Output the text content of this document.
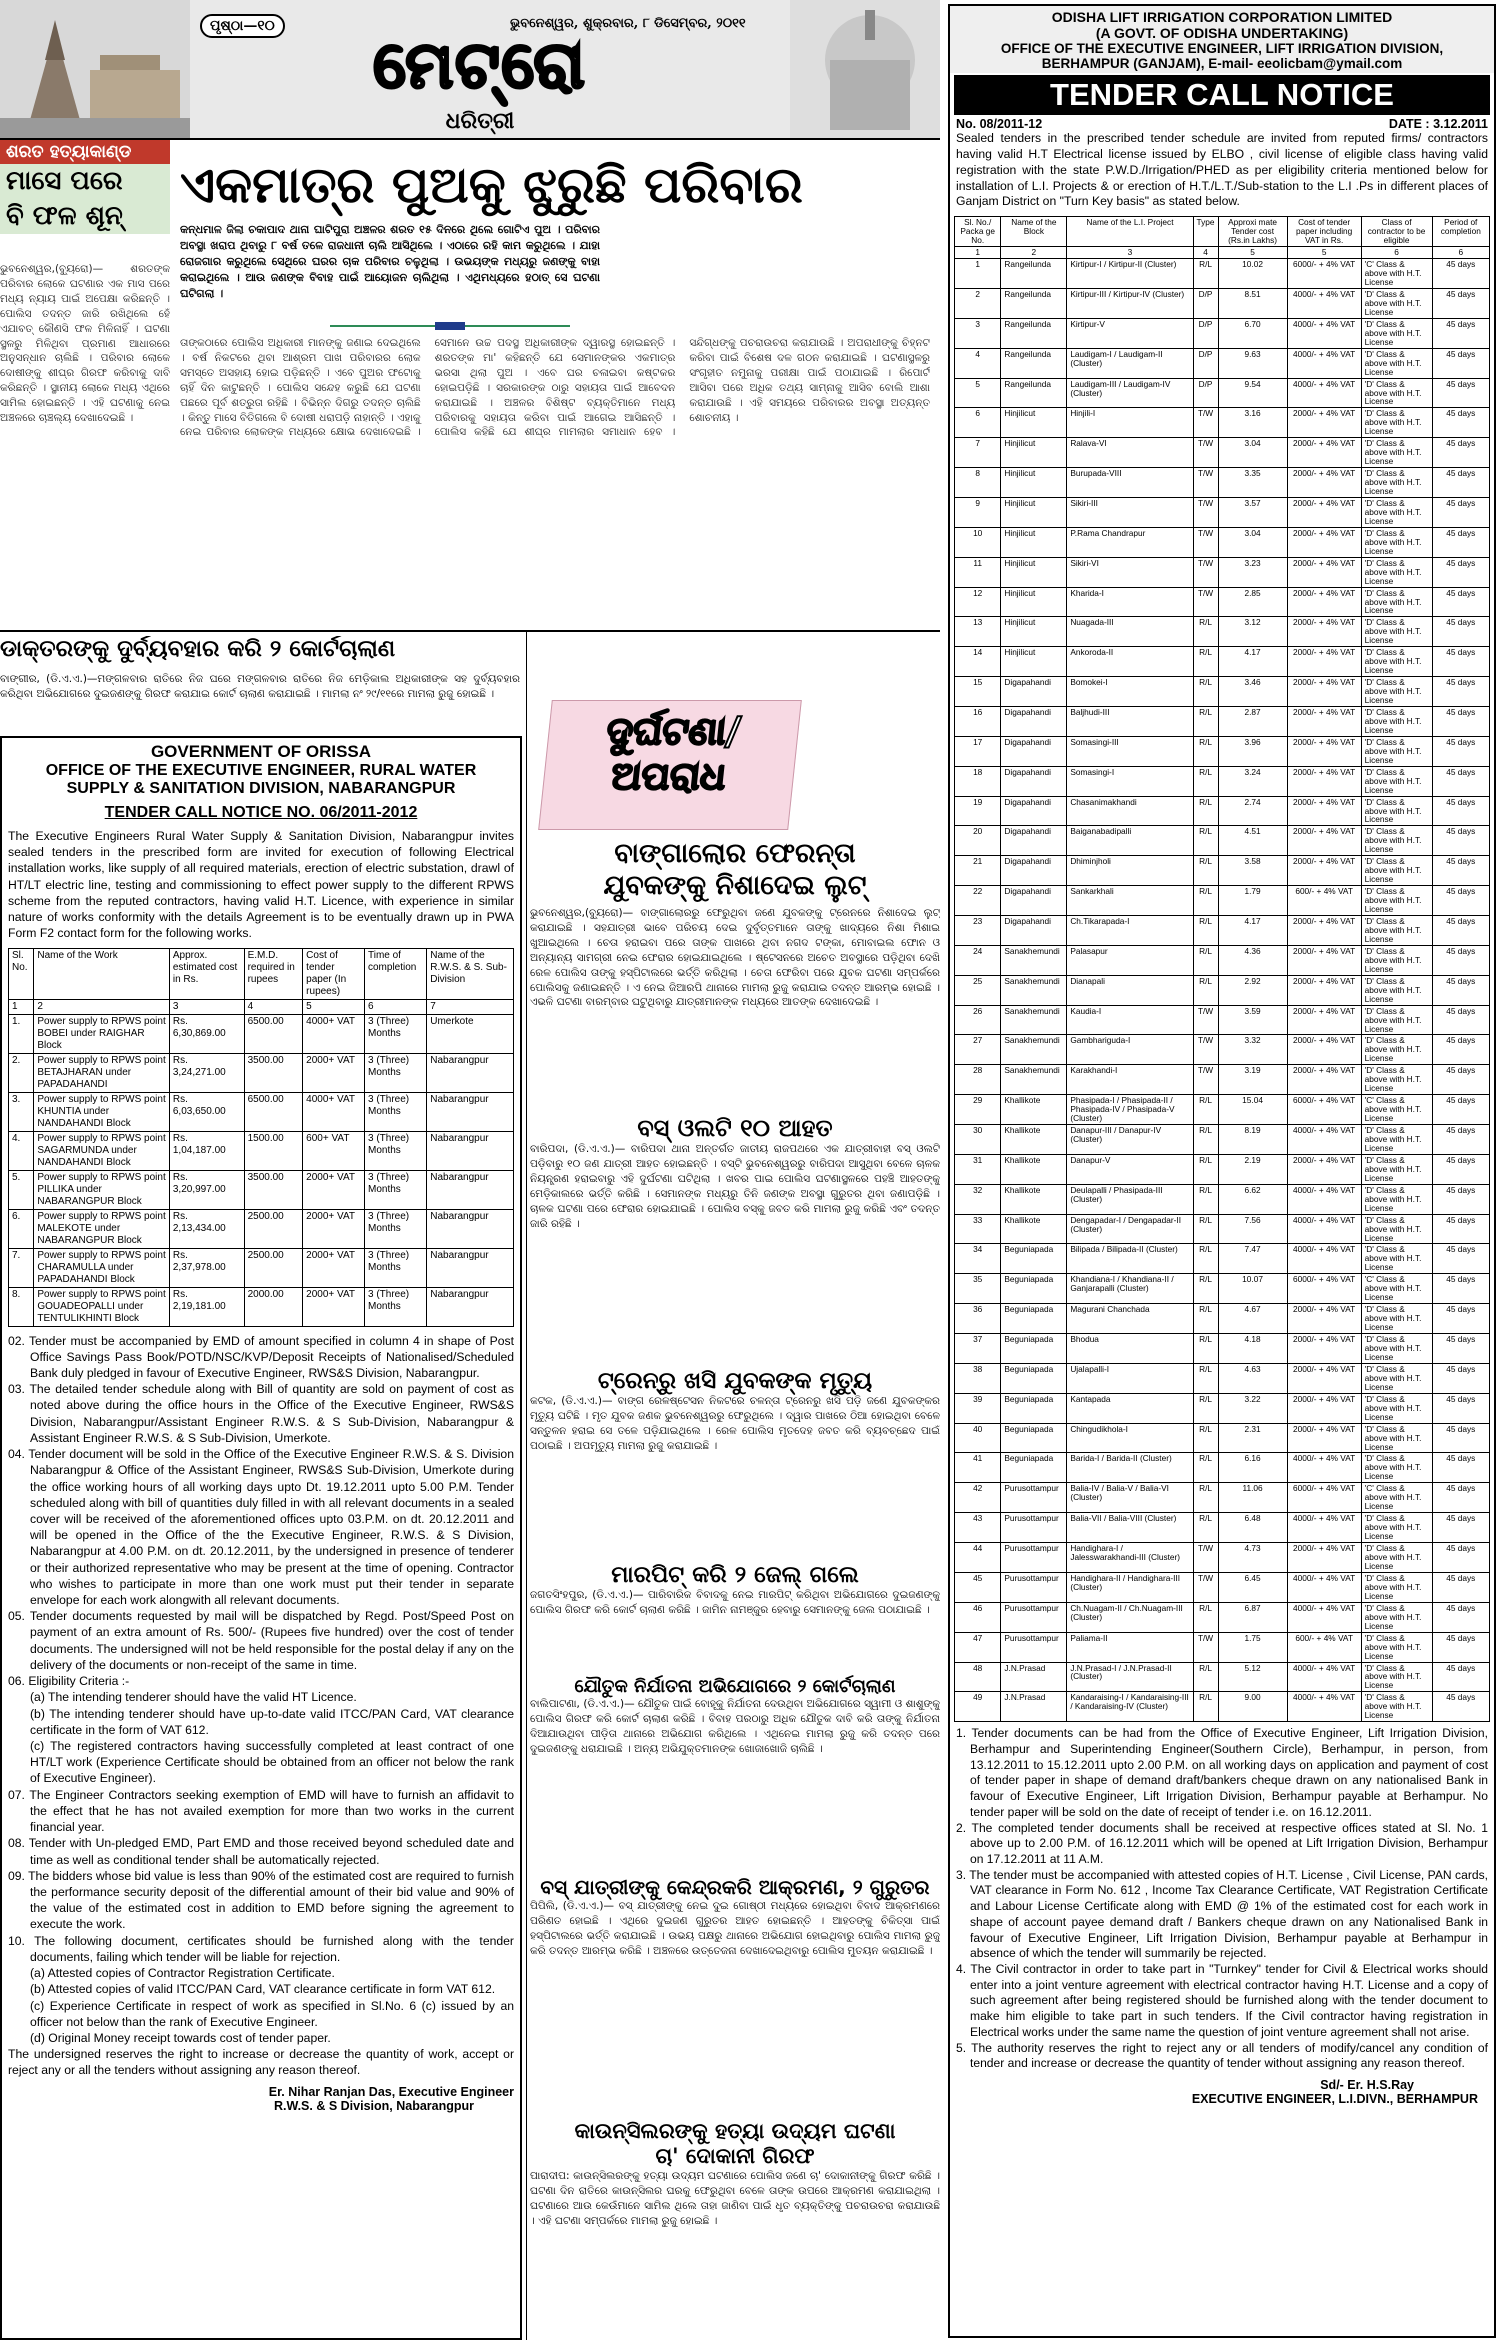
ପୃଷ୍ଠା—୧୦	ଭୁବନେଶ୍ୱର, ଶୁକ୍ରବାର, ୮ ଡିସେମ୍ବର, ୨୦୧୧
ମେଟ୍ରୋ
ଧରିତ୍ରୀ
ଶରତ ହତ୍ୟାକାଣ୍ଡ
ମାସେ ପରେ
ବି ଫଳ ଶୂନ୍‌
ଏକମାତ୍ର ପୁଅକୁ ଝୁରୁଛି ପରିବାର
କନ୍ଧମାଳ ଜିଲା ଚକାପାଦ ଥାନା ଘାଟିପୁରା ଅଞ୍ଚଳର ଶରତ ୧୫ ଦିନରେ ଥିଲେ ଗୋଟିଏ ପୁଅ । ପରିବାର ଅବସ୍ଥା ଖରାପ ଥିବାରୁ ୮ ବର୍ଷ ତଳେ ରାଜଧାନୀ ଚାଲି ଆସିଥିଲେ । ଏଠାରେ ରହି କାମ କରୁଥିଲେ । ଯାହା ରୋଜଗାର କରୁଥିଲେ ସେଥିରେ ଘରର ଚାକ ପରିବାର ଚଳୁଥିଲା । ଉଭୟଙ୍କ ମଧ୍ୟରୁ ଜଣଙ୍କୁ ବାହା କରାଇଥିଲେ । ଆଉ ଜଣଙ୍କ ବିବାହ ପାଇଁ ଆୟୋଜନ ଚାଲିଥିଲା । ଏଥିମଧ୍ୟରେ ହଠାତ୍ ସେ ଘଟଣା ଘଟିଗଲା ।
ଭୁବନେଶ୍ୱର,(ବ୍ୟୁରୋ)— ଶରତଙ୍କ ପରିବାର ଲୋକେ ଘଟଣାର ଏକ ମାସ ପରେ ମଧ୍ୟ ନ୍ୟାୟ ପାଇଁ ଅପେକ୍ଷା କରିଛନ୍ତି । ପୋଲିସ ତଦନ୍ତ ଜାରି ରଖିଥିଲେ ହେଁ ଏଯାବତ୍ କୌଣସି ଫଳ ମିଳିନାହିଁ । ଘଟଣା ସ୍ଥଳରୁ ମିଳିଥିବା ପ୍ରମାଣ ଆଧାରରେ ଅନୁସନ୍ଧାନ ଚାଲିଛି । ପରିବାର ଲୋକେ ଦୋଷୀଙ୍କୁ ଶୀଘ୍ର ଗିରଫ କରିବାକୁ ଦାବି କରିଛନ୍ତି । ସ୍ଥାନୀୟ ଲୋକେ ମଧ୍ୟ ଏଥିରେ ସାମିଲ ହୋଇଛନ୍ତି । ଏହି ଘଟଣାକୁ ନେଇ ଅଞ୍ଚଳରେ ଚାଞ୍ଚଲ୍ୟ ଦେଖାଦେଇଛି ।
ତାଙ୍କଠାରେ ପୋଲିସ ଅଧିକାରୀ ମାନଙ୍କୁ ଜଣାଇ ଦେଇଥିଲେ । ବର୍ଷ ନିକଟରେ ଥିବା ଆଶ୍ରମ ପାଖ ପରିବାରର ଲୋକ ସମସ୍ତେ ଅସହାୟ ହୋଇ ପଡ଼ିଛନ୍ତି । ଏବେ ପୁଅର ଫଟୋକୁ ଚାହିଁ ଦିନ କାଟୁଛନ୍ତି । ପୋଲିସ ସନ୍ଦେହ କରୁଛି ଯେ ଘଟଣା ପଛରେ ପୂର୍ବ ଶତ୍ରୁତା ରହିଛି । ବିଭିନ୍ନ ଦିଗରୁ ତଦନ୍ତ ଚାଲିଛି । କିନ୍ତୁ ମାସେ ବିତିଗଲେ ବି ଦୋଷୀ ଧରାପଡ଼ି ନାହାନ୍ତି । ଏହାକୁ ନେଇ ପରିବାର ଲୋକଙ୍କ ମଧ୍ୟରେ କ୍ଷୋଭ ଦେଖାଦେଇଛି । ସେମାନେ ଉଚ୍ଚ ପଦସ୍ଥ ଅଧିକାରୀଙ୍କ ଦ୍ୱାରସ୍ଥ ହୋଇଛନ୍ତି । ଶରତଙ୍କ ମା' କହିଛନ୍ତି ଯେ ସେମାନଙ୍କର ଏକମାତ୍ର ଭରସା ଥିଲା ପୁଅ । ଏବେ ଘର ଚଳାଇବା କଷ୍ଟକର ହୋଇପଡ଼ିଛି । ସରକାରଙ୍କ ଠାରୁ ସହାୟତା ପାଇଁ ଆବେଦନ କରାଯାଇଛି । ଅଞ୍ଚଳର ବିଶିଷ୍ଟ ବ୍ୟକ୍ତିମାନେ ମଧ୍ୟ ପରିବାରକୁ ସହାୟତା କରିବା ପାଇଁ ଆଗେଇ ଆସିଛନ୍ତି । ପୋଲିସ କହିଛି ଯେ ଶୀଘ୍ର ମାମଲାର ସମାଧାନ ହେବ । ସନ୍ଦିଗ୍ଧଙ୍କୁ ପଚରାଉଚରା କରାଯାଉଛି । ଅପରାଧୀଙ୍କୁ ଚିହ୍ନଟ କରିବା ପାଇଁ ବିଶେଷ ଦଳ ଗଠନ କରାଯାଇଛି । ଘଟଣାସ୍ଥଳରୁ ସଂଗୃହୀତ ନମୁନାକୁ ପରୀକ୍ଷା ପାଇଁ ପଠାଯାଇଛି । ରିପୋର୍ଟ ଆସିବା ପରେ ଅଧିକ ତଥ୍ୟ ସାମ୍ନାକୁ ଆସିବ ବୋଲି ଆଶା କରାଯାଉଛି । ଏହି ସମୟରେ ପରିବାରର ଅବସ୍ଥା ଅତ୍ୟନ୍ତ ଶୋଚନୀୟ ।
ଡାକ୍ତରଙ୍କୁ ଦୁର୍ବ୍ୟବହାର କରି ୨ କୋର୍ଟଚାଲାଣ
ବାଙ୍ଗୀର, (ଡି.ଏ.ଏ.)—ମଙ୍ଗଳବାର ରାତିରେ ନିଜ ଘରେ ମଙ୍ଗଳବାର ରାତିରେ ନିଜ ମେଡ଼ିକାଲ ଅଧିକାରୀଙ୍କ ସହ ଦୁର୍ବ୍ୟବହାର କରିଥିବା ଅଭିଯୋଗରେ ଦୁଇଜଣଙ୍କୁ ଗିରଫ କରାଯାଇ କୋର୍ଟ ଚାଲାଣ କରାଯାଇଛି । ମାମଲା ନଂ ୨୯/୧୧ରେ ମାମଲା ରୁଜୁ ହୋଇଛି ।
GOVERNMENT OF ORISSA
OFFICE OF THE EXECUTIVE ENGINEER, RURAL WATER
SUPPLY & SANITATION DIVISION, NABARANGPUR
TENDER CALL NOTICE NO. 06/2011-2012
The Executive Engineers Rural Water Supply & Sanitation Division, Nabarangpur invites sealed tenders in the prescribed form are invited for execution of following Electrical installation works, like supply of all required materials, erection of electric substation, drawl of HT/LT electric line, testing and commissioning to effect power supply to the different RPWS scheme from the reputed contractors, having valid H.T. Licence, with experience in similar nature of works conformity with the details Agreement is to be eventually drawn up in PWA Form F2 contact form for the following works.
Sl. No.	Name of the Work	Approx. estimated cost in Rs.	E.M.D. required in rupees	Cost of tender paper (In rupees)	Time of completion	Name of the R.W.S. & S. Sub-Division
1	2	3	4	5	6	7
1.	Power supply to RPWS point BOBEI under RAIGHAR Block	Rs. 6,30,869.00	6500.00	4000+ VAT	3 (Three) Months	Umerkote
2.	Power supply to RPWS point BETAJHARAN under PAPADAHANDI	Rs. 3,24,271.00	3500.00	2000+ VAT	3 (Three) Months	Nabarangpur
3.	Power supply to RPWS point KHUNTIA under NANDAHANDI Block	Rs. 6,03,650.00	6500.00	4000+ VAT	3 (Three) Months	Nabarangpur
4.	Power supply to RPWS point SAGARMUNDA under NANDAHANDI Block	Rs. 1,04,187.00	1500.00	600+ VAT	3 (Three) Months	Nabarangpur
5.	Power supply to RPWS point PILLIKA under NABARANGPUR Block	Rs. 3,20,997.00	3500.00	2000+ VAT	3 (Three) Months	Nabarangpur
6.	Power supply to RPWS point MALEKOTE under NABARANGPUR Block	Rs. 2,13,434.00	2500.00	2000+ VAT	3 (Three) Months	Nabarangpur
7.	Power supply to RPWS point CHARAMULLA under PAPADAHANDI Block	Rs. 2,37,978.00	2500.00	2000+ VAT	3 (Three) Months	Nabarangpur
8.	Power supply to RPWS point GOUADEOPALLI under TENTULIKHINTI Block	Rs. 2,19,181.00	2000.00	2000+ VAT	3 (Three) Months	Nabarangpur
02. Tender must be accompanied by EMD of amount specified in column 4 in shape of Post Office Savings Pass Book/POTD/NSC/KVP/Deposit Receipts of Nationalised/Scheduled Bank duly pledged in favour of Executive Engineer, RWS&S Division, Nabarangpur.
03. The detailed tender schedule along with Bill of quantity are sold on payment of cost as noted above during the office hours in the Office of the Executive Engineer, RWS&S Division, Nabarangpur/Assistant Engineer R.W.S. & S Sub-Division, Nabarangpur & Assistant Engineer R.W.S. & S Sub-Division, Umerkote.
04. Tender document will be sold in the Office of the Executive Engineer R.W.S. & S. Division Nabarangpur & Office of the Assistant Engineer, RWS&S Sub-Division, Umerkote during the office working hours of all working days upto Dt. 19.12.2011 upto 5.00 P.M. Tender scheduled along with bill of quantities duly filled in with all relevant documents in a sealed cover will be received of the aforementioned offices upto 03.P.M. on dt. 20.12.2011 and will be opened in the Office of the the Executive Engineer, R.W.S. & S Division, Nabarangpur at 4.00 P.M. on dt. 20.12.2011, by the undersigned in presence of tenderer or their authorized representative who may be present at the time of opening. Contractor who wishes to participate in more than one work must put their tender in separate envelope for each work alongwith all relevant documents.
05. Tender documents requested by mail will be dispatched by Regd. Post/Speed Post on payment of an extra amount of Rs. 500/- (Rupees five hundred) over the cost of tender documents. The undersigned will not be held responsible for the postal delay if any on the delivery of the documents or non-receipt of the same in time.
06. Eligibility Criteria :-
(a) The intending tenderer should have the valid HT Licence.
(b) The intending tenderer should have up-to-date valid ITCC/PAN Card, VAT clearance certificate in the form of VAT 612.
(c) The registered contractors having successfully completed at least contract of one HT/LT work (Experience Certificate should be obtained from an officer not below the rank of Executive Engineer).
07. The Engineer Contractors seeking exemption of EMD will have to furnish an affidavit to the effect that he has not availed exemption for more than two works in the current financial year.
08. Tender with Un-pledged EMD, Part EMD and those received beyond scheduled date and time as well as conditional tender shall be automatically rejected.
09. The bidders whose bid value is less than 90% of the estimated cost are required to furnish the performance security deposit of the differential amount of their bid value and 90% of the value of the estimated cost in addition to EMD before signing the agreement to execute the work.
10. The following document, certificates should be furnished along with the tender documents, failing which tender will be liable for rejection.
(a) Attested copies of Contractor Registration Certificate.
(b) Attested copies of valid ITCC/PAN Card, VAT clearance certificate in form VAT 612.
(c) Experience Certificate in respect of work as specified in Sl.No. 6 (c) issued by an officer not below than the rank of Executive Engineer.
(d) Original Money receipt towards cost of tender paper.
The undersigned reserves the right to increase or decrease the quantity of work, accept or reject any or all the tenders without assigning any reason thereof.
Er. Nihar Ranjan Das, Executive Engineer
R.W.S. & S Division, Nabarangpur
ଦୁର୍ଘଟଣା/
ଅପରାଧ
ବାଙ୍ଗାଲୋର ଫେରନ୍ତା
ଯୁବକଙ୍କୁ ନିଶାଦେଇ ଲୁଟ୍
ଭୁବନେଶ୍ୱର,(ବ୍ୟୁରୋ)— ବାଙ୍ଗାଲୋରରୁ ଫେରୁଥିବା ଜଣେ ଯୁବକଙ୍କୁ ଟ୍ରେନରେ ନିଶାଦେଇ ଲୁଟ୍ କରାଯାଇଛି । ସହଯାତ୍ରୀ ଭାବେ ପରିଚୟ ଦେଇ ଦୁର୍ବୃତ୍ତମାନେ ତାଙ୍କୁ ଖାଦ୍ୟରେ ନିଶା ମିଶାଇ ଖୁଆଇଥିଲେ । ଚେତା ହରାଇବା ପରେ ତାଙ୍କ ପାଖରେ ଥିବା ନଗଦ ଟଙ୍କା, ମୋବାଇଲ ଫୋନ ଓ ଅନ୍ୟାନ୍ୟ ସାମଗ୍ରୀ ନେଇ ଫେରାର ହୋଇଯାଇଥିଲେ । ଷ୍ଟେସନରେ ଅଚେତ ଅବସ୍ଥାରେ ପଡ଼ିଥିବା ଦେଖି ରେଳ ପୋଲିସ ତାଙ୍କୁ ହସ୍ପିଟାଲରେ ଭର୍ତ୍ତି କରିଥିଲା । ଚେତା ଫେରିବା ପରେ ଯୁବକ ଘଟଣା ସମ୍ପର୍କରେ ପୋଲିସକୁ ଜଣାଇଛନ୍ତି । ଏ ନେଇ ଜିଆରପି ଥାନାରେ ମାମଲା ରୁଜୁ କରାଯାଇ ତଦନ୍ତ ଆରମ୍ଭ ହୋଇଛି । ଏଭଳି ଘଟଣା ବାରମ୍ବାର ଘଟୁଥିବାରୁ ଯାତ୍ରୀମାନଙ୍କ ମଧ୍ୟରେ ଆତଙ୍କ ଦେଖାଦେଇଛି ।
ବସ୍ ଓଲଟି ୧୦ ଆହତ
ବାରିପଦା, (ଡି.ଏ.ଏ.)— ବାରିପଦା ଥାନା ଅନ୍ତର୍ଗତ ଜାତୀୟ ରାଜପଥରେ ଏକ ଯାତ୍ରୀବାହୀ ବସ୍ ଓଲଟି ପଡ଼ିବାରୁ ୧୦ ଜଣ ଯାତ୍ରୀ ଆହତ ହୋଇଛନ୍ତି । ବସ୍‌ଟି ଭୁବନେଶ୍ୱରରୁ ବାରିପଦା ଆସୁଥିବା ବେଳେ ଚାଳକ ନିୟନ୍ତ୍ରଣ ହରାଇବାରୁ ଏହି ଦୁର୍ଘଟଣା ଘଟିଥିଲା । ଖବର ପାଇ ପୋଲିସ ଘଟଣାସ୍ଥଳରେ ପହଞ୍ଚି ଆହତଙ୍କୁ ମେଡ଼ିକାଲରେ ଭର୍ତ୍ତି କରିଛି । ସେମାନଙ୍କ ମଧ୍ୟରୁ ତିନି ଜଣଙ୍କ ଅବସ୍ଥା ଗୁରୁତର ଥିବା ଜଣାପଡ଼ିଛି । ଚାଳକ ଘଟଣା ପରେ ଫେରାର ହୋଇଯାଇଛି । ପୋଲିସ ବସ୍‌କୁ ଜବତ କରି ମାମଲା ରୁଜୁ କରିଛି ଏବଂ ତଦନ୍ତ ଜାରି ରହିଛି ।
ଟ୍ରେନ୍‌ରୁ ଖସି ଯୁବକଙ୍କ ମୃତ୍ୟୁ
କଟକ, (ଡି.ଏ.ଏ.)— ବାଙ୍ଗ ରେଳଷ୍ଟେସନ ନିକଟରେ ଚଳନ୍ତା ଟ୍ରେନରୁ ଖସି ପଡ଼ି ଜଣେ ଯୁବକଙ୍କର ମୃତ୍ୟୁ ଘଟିଛି । ମୃତ ଯୁବକ ଜଣକ ଭୁବନେଶ୍ୱରରୁ ଫେରୁଥିଲେ । ଦ୍ୱାର ପାଖରେ ଠିଆ ହୋଇଥିବା ବେଳେ ସନ୍ତୁଳନ ହରାଇ ସେ ତଳେ ପଡ଼ିଯାଇଥିଲେ । ରେଳ ପୋଲିସ ମୃତଦେହ ଜବତ କରି ବ୍ୟବଚ୍ଛେଦ ପାଇଁ ପଠାଇଛି । ଅପମୃତ୍ୟୁ ମାମଲା ରୁଜୁ କରାଯାଇଛି ।
ମାରପିଟ୍ କରି ୨ ଜେଲ୍ ଗଲେ
ଜଗତସିଂହପୁର, (ଡି.ଏ.ଏ.)— ପାରିବାରିକ ବିବାଦକୁ ନେଇ ମାରପିଟ୍ କରିଥିବା ଅଭିଯୋଗରେ ଦୁଇଜଣଙ୍କୁ ପୋଲିସ ଗିରଫ କରି କୋର୍ଟ ଚାଲାଣ କରିଛି । ଜାମିନ ନାମଞ୍ଜୁର ହେବାରୁ ସେମାନଙ୍କୁ ଜେଲ ପଠାଯାଇଛି ।
ଯୌତୁକ ନିର୍ଯାତନା ଅଭିଯୋଗରେ ୨ କୋର୍ଟଚାଲାଣ
ବାଲିପାଟଣା, (ଡି.ଏ.ଏ.)— ଯୌତୁକ ପାଇଁ ବୋହୂକୁ ନିର୍ଯାତନା ଦେଉଥିବା ଅଭିଯୋଗରେ ସ୍ୱାମୀ ଓ ଶାଶୁଙ୍କୁ ପୋଲିସ ଗିରଫ କରି କୋର୍ଟ ଚାଲାଣ କରିଛି । ବିବାହ ପରଠାରୁ ଅଧିକ ଯୌତୁକ ଦାବି କରି ତାଙ୍କୁ ନିର୍ଯାତନା ଦିଆଯାଉଥିବା ପୀଡ଼ିତା ଥାନାରେ ଅଭିଯୋଗ କରିଥିଲେ । ଏଥିନେଇ ମାମଲା ରୁଜୁ କରି ତଦନ୍ତ ପରେ ଦୁଇଜଣଙ୍କୁ ଧରାଯାଇଛି । ଅନ୍ୟ ଅଭିଯୁକ୍ତମାନଙ୍କ ଖୋଜାଖୋଜି ଚାଲିଛି ।
ବସ୍ ଯାତ୍ରୀଙ୍କୁ କେନ୍ଦ୍ରକରି ଆକ୍ରମଣ, ୨ ଗୁରୁତର
ପିପିଲି, (ଡି.ଏ.ଏ.)— ବସ୍ ଯାତ୍ରୀଙ୍କୁ ନେଇ ଦୁଇ ଗୋଷ୍ଠୀ ମଧ୍ୟରେ ହୋଇଥିବା ବିବାଦ ଆକ୍ରମଣରେ ପରିଣତ ହୋଇଛି । ଏଥିରେ ଦୁଇଜଣ ଗୁରୁତର ଆହତ ହୋଇଛନ୍ତି । ଆହତଙ୍କୁ ଚିକିତ୍ସା ପାଇଁ ହସ୍ପିଟାଲରେ ଭର୍ତ୍ତି କରାଯାଇଛି । ଉଭୟ ପକ୍ଷରୁ ଥାନାରେ ଅଭିଯୋଗ ହୋଇଥିବାରୁ ପୋଲିସ ମାମଲା ରୁଜୁ କରି ତଦନ୍ତ ଆରମ୍ଭ କରିଛି । ଅଞ୍ଚଳରେ ଉତ୍ତେଜନା ଦେଖାଦେଇଥିବାରୁ ପୋଲିସ ମୁତୟନ କରାଯାଇଛି ।
କାଉନ୍‌ସିଲରଙ୍କୁ ହତ୍ୟା ଉଦ୍ୟମ ଘଟଣା
ଚା' ଦୋକାନୀ ଗିରଫ
ପାରାଦୀପ: କାଉନ୍‌ସିଲରଙ୍କୁ ହତ୍ୟା ଉଦ୍ୟମ ଘଟଣାରେ ପୋଲିସ ଜଣେ ଚା' ଦୋକାନୀଙ୍କୁ ଗିରଫ କରିଛି । ଘଟଣା ଦିନ ରାତିରେ କାଉନ୍‌ସିଲର ଘରକୁ ଫେରୁଥିବା ବେଳେ ତାଙ୍କ ଉପରେ ଆକ୍ରମଣ କରାଯାଇଥିଲା । ଘଟଣାରେ ଆଉ କେଉଁମାନେ ସାମିଲ ଥିଲେ ତାହା ଜାଣିବା ପାଇଁ ଧୃତ ବ୍ୟକ୍ତିଙ୍କୁ ପଚରାଉଚରା କରାଯାଉଛି । ଏହି ଘଟଣା ସମ୍ପର୍କରେ ମାମଲା ରୁଜୁ ହୋଇଛି ।
ODISHA LIFT IRRIGATION CORPORATION LIMITED
(A GOVT. OF ODISHA UNDERTAKING)
OFFICE OF THE EXECUTIVE ENGINEER, LIFT IRRIGATION DIVISION,
BERHAMPUR (GANJAM), E-mail- eeolicbam@ymail.com
TENDER CALL NOTICE
No. 08/2011-12	DATE : 3.12.2011
Sealed tenders in the prescribed tender schedule are invited from reputed firms/ contractors having valid H.T Electrical license issued by ELBO , civil license of eligible class having valid registration with the state P.W.D./Irrigation/PHED as per eligibility criteria mentioned below for installation of L.I. Projects & or erection of H.T./L.T./Sub-station to the L.I .Ps in different places of Ganjam District on "Turn Key basis" as stated below.
Sl. No./ Packa ge No.	Name of the Block	Name of the L.I. Project	Type	Approxi mate Tender cost (Rs.in Lakhs)	Cost of tender paper including VAT in Rs.	Class of contractor to be eligible	Period of completion
1	2	3	4	5	5	6	6
1	Rangeilunda	Kirtipur-I / Kirtipur-II (Cluster)	R/L	10.02	6000/- + 4% VAT	'C' Class & above with H.T. License	45 days
2	Rangeilunda	Kirtipur-III / Kirtipur-IV (Cluster)	D/P	8.51	4000/- + 4% VAT	'D' Class & above with H.T. License	45 days
3	Rangeilunda	Kirtipur-V	D/P	6.70	4000/- + 4% VAT	'D' Class & above with H.T. License	45 days
4	Rangeilunda	Laudigam-I / Laudigam-II (Cluster)	D/P	9.63	4000/- + 4% VAT	'D' Class & above with H.T. License	45 days
5	Rangeilunda	Laudigam-III / Laudigam-IV (Cluster)	D/P	9.54	4000/- + 4% VAT	'D' Class & above with H.T. License	45 days
6	Hinjilicut	Hinjili-I	T/W	3.16	2000/- + 4% VAT	'D' Class & above with H.T. License	45 days
7	Hinjilicut	Ralava-VI	T/W	3.04	2000/- + 4% VAT	'D' Class & above with H.T. License	45 days
8	Hinjilicut	Burupada-VIII	T/W	3.35	2000/- + 4% VAT	'D' Class & above with H.T. License	45 days
9	Hinjilicut	Sikiri-III	T/W	3.57	2000/- + 4% VAT	'D' Class & above with H.T. License	45 days
10	Hinjilicut	P.Rama Chandrapur	T/W	3.04	2000/- + 4% VAT	'D' Class & above with H.T. License	45 days
11	Hinjilicut	Sikiri-VI	T/W	3.23	2000/- + 4% VAT	'D' Class & above with H.T. License	45 days
12	Hinjilicut	Kharida-I	T/W	2.85	2000/- + 4% VAT	'D' Class & above with H.T. License	45 days
13	Hinjilicut	Nuagada-III	R/L	3.12	2000/- + 4% VAT	'D' Class & above with H.T. License	45 days
14	Hinjilicut	Ankoroda-II	R/L	4.17	2000/- + 4% VAT	'D' Class & above with H.T. License	45 days
15	Digapahandi	Bomokei-I	R/L	3.46	2000/- + 4% VAT	'D' Class & above with H.T. License	45 days
16	Digapahandi	Baljhudi-III	R/L	2.87	2000/- + 4% VAT	'D' Class & above with H.T. License	45 days
17	Digapahandi	Somasingi-III	R/L	3.96	2000/- + 4% VAT	'D' Class & above with H.T. License	45 days
18	Digapahandi	Somasingi-I	R/L	3.24	2000/- + 4% VAT	'D' Class & above with H.T. License	45 days
19	Digapahandi	Chasanimakhandi	R/L	2.74	2000/- + 4% VAT	'D' Class & above with H.T. License	45 days
20	Digapahandi	Baiganabadipalli	R/L	4.51	2000/- + 4% VAT	'D' Class & above with H.T. License	45 days
21	Digapahandi	Dhiminjholi	R/L	3.58	2000/- + 4% VAT	'D' Class & above with H.T. License	45 days
22	Digapahandi	Sankarkhali	R/L	1.79	600/- + 4% VAT	'D' Class & above with H.T. License	45 days
23	Digapahandi	Ch.Tikarapada-I	R/L	4.17	2000/- + 4% VAT	'D' Class & above with H.T. License	45 days
24	Sanakhemundi	Palasapur	R/L	4.36	2000/- + 4% VAT	'D' Class & above with H.T. License	45 days
25	Sanakhemundi	Dianapali	R/L	2.92	2000/- + 4% VAT	'D' Class & above with H.T. License	45 days
26	Sanakhemundi	Kaudia-I	T/W	3.59	2000/- + 4% VAT	'D' Class & above with H.T. License	45 days
27	Sanakhemundi	Gambhariguda-I	T/W	3.32	2000/- + 4% VAT	'D' Class & above with H.T. License	45 days
28	Sanakhemundi	Karakhandi-I	T/W	3.19	2000/- + 4% VAT	'D' Class & above with H.T. License	45 days
29	Khallikote	Phasipada-I / Phasipada-II / Phasipada-IV / Phasipada-V (Cluster)	R/L	15.04	6000/- + 4% VAT	'C' Class & above with H.T. License	45 days
30	Khallikote	Danapur-III / Danapur-IV (Cluster)	R/L	8.19	4000/- + 4% VAT	'D' Class & above with H.T. License	45 days
31	Khallikote	Danapur-V	R/L	2.19	2000/- + 4% VAT	'D' Class & above with H.T. License	45 days
32	Khallikote	Deulapalli / Phasipada-III (Cluster)	R/L	6.62	4000/- + 4% VAT	'D' Class & above with H.T. License	45 days
33	Khallikote	Dengapadar-I / Dengapadar-II (Cluster)	R/L	7.56	4000/- + 4% VAT	'D' Class & above with H.T. License	45 days
34	Beguniapada	Bilipada / Bilipada-II (Cluster)	R/L	7.47	4000/- + 4% VAT	'D' Class & above with H.T. License	45 days
35	Beguniapada	Khandiana-I / Khandiana-II / Ganjarapalli (Cluster)	R/L	10.07	6000/- + 4% VAT	'C' Class & above with H.T. License	45 days
36	Beguniapada	Magurani Chanchada	R/L	4.67	2000/- + 4% VAT	'D' Class & above with H.T. License	45 days
37	Beguniapada	Bhodua	R/L	4.18	2000/- + 4% VAT	'D' Class & above with H.T. License	45 days
38	Beguniapada	Ujalapalli-I	R/L	4.63	2000/- + 4% VAT	'D' Class & above with H.T. License	45 days
39	Beguniapada	Kantapada	R/L	3.22	2000/- + 4% VAT	'D' Class & above with H.T. License	45 days
40	Beguniapada	Chingudikhola-I	R/L	2.31	2000/- + 4% VAT	'D' Class & above with H.T. License	45 days
41	Beguniapada	Barida-I / Barida-II (Cluster)	R/L	6.16	4000/- + 4% VAT	'D' Class & above with H.T. License	45 days
42	Purusottampur	Balia-IV / Balia-V / Balia-VI (Cluster)	R/L	11.06	6000/- + 4% VAT	'C' Class & above with H.T. License	45 days
43	Purusottampur	Balia-VII / Balia-VIII (Cluster)	R/L	6.48	4000/- + 4% VAT	'D' Class & above with H.T. License	45 days
44	Purusottampur	Handighara-I / Jalesswarakhandi-III (Cluster)	T/W	4.73	2000/- + 4% VAT	'D' Class & above with H.T. License	45 days
45	Purusottampur	Handighara-II / Handighara-III (Cluster)	T/W	6.45	4000/- + 4% VAT	'D' Class & above with H.T. License	45 days
46	Purusottampur	Ch.Nuagam-II / Ch.Nuagam-III (Cluster)	R/L	6.87	4000/- + 4% VAT	'D' Class & above with H.T. License	45 days
47	Purusottampur	Paliama-II	T/W	1.75	600/- + 4% VAT	'D' Class & above with H.T. License	45 days
48	J.N.Prasad	J.N.Prasad-I / J.N.Prasad-II (Cluster)	R/L	5.12	4000/- + 4% VAT	'D' Class & above with H.T. License	45 days
49	J.N.Prasad	Kandaraising-I / Kandaraising-III / Kandaraising-IV (Cluster)	R/L	9.00	4000/- + 4% VAT	'D' Class & above with H.T. License	45 days
1. Tender documents can be had from the Office of Executive Engineer, Lift Irrigation Division, Berhampur and Superintending Engineer(Southern Circle), Berhampur, in person, from 13.12.2011 to 15.12.2011 upto 2.00 P.M. on all working days on application and payment of cost of tender paper in shape of demand draft/bankers cheque drawn on any nationalised Bank in favour of Executive Engineer, Lift Irrigation Division, Berhampur payable at Berhampur. No tender paper will be sold on the date of receipt of tender i.e. on 16.12.2011.
2. The completed tender documents shall be received at respective offices stated at Sl. No. 1 above up to 2.00 P.M. of 16.12.2011 which will be opened at Lift Irrigation Division, Berhampur on 17.12.2011 at 11 A.M.
3. The tender must be accompanied with attested copies of H.T. License , Civil License, PAN cards, VAT clearance in Form No. 612 , Income Tax Clearance Certificate, VAT Registration Certificate and Labour License Certificate along with EMD @ 1% of the estimated cost for each work in shape of account payee demand draft / Bankers cheque drawn on any Nationalised Bank in favour of Executive Engineer, Lift Irrigation Division, Berhampur payable at Berhampur in absence of which the tender will summarily be rejected.
4. The Civil contractor in order to take part in "Turnkey" tender for Civil & Electrical works should enter into a joint venture agreement with electrical contractor having H.T. License and a copy of such agreement after being registered should be furnished along with the tender document to make him eligible to take part in such tenders. If the Civil contractor having registration in Electrical works under the same name the question of joint venture agreement shall not arise.
5. The authority reserves the right to reject any or all tenders of modify/cancel any condition of tender and increase or decrease the quantity of tender without assigning any reason thereof.
Sd/- Er. H.S.Ray
EXECUTIVE ENGINEER, L.I.DIVN., BERHAMPUR
